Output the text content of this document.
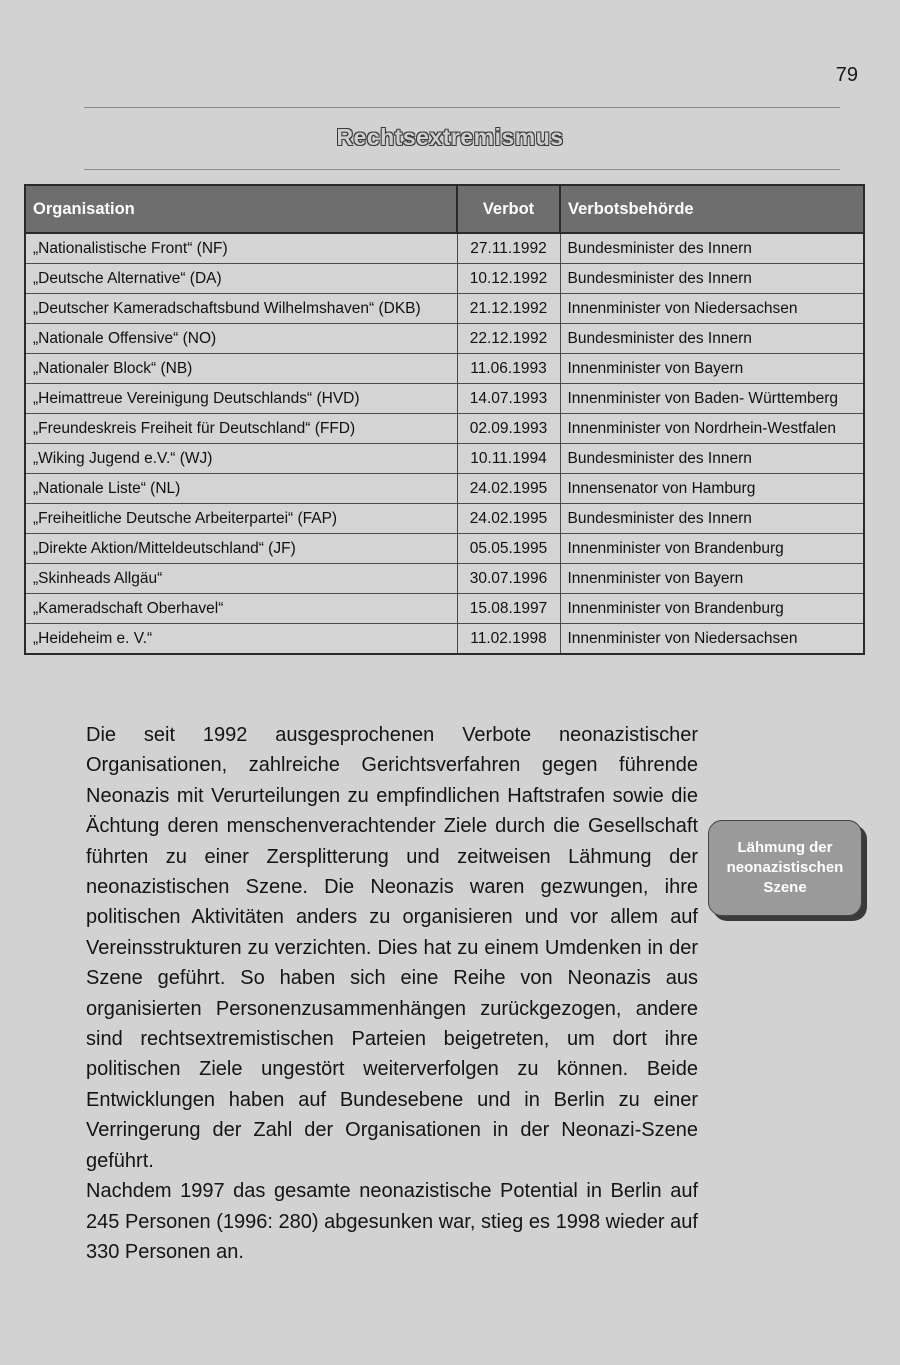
79
Rechtsextremismus
Organisation	Verbot	Verbotsbehörde
„Nationalistische Front“ (NF)	27.11.1992	Bundesminister des Innern
„Deutsche Alternative“ (DA)	10.12.1992	Bundesminister des Innern
„Deutscher Kameradschaftsbund Wilhelmshaven“ (DKB)	21.12.1992	Innenminister von Niedersachsen
„Nationale Offensive“ (NO)	22.12.1992	Bundesminister des Innern
„Nationaler Block“ (NB)	11.06.1993	Innenminister von Bayern
„Heimattreue Vereinigung Deutschlands“ (HVD)	14.07.1993	Innenminister von Baden- Württemberg
„Freundeskreis Freiheit für Deutschland“ (FFD)	02.09.1993	Innenminister von Nordrhein-Westfalen
„Wiking Jugend e.V.“ (WJ)	10.11.1994	Bundesminister des Innern
„Nationale Liste“ (NL)	24.02.1995	Innensenator von Hamburg
„Freiheitliche Deutsche Arbeiterpartei“ (FAP)	24.02.1995	Bundesminister des Innern
„Direkte Aktion/Mitteldeutschland“ (JF)	05.05.1995	Innenminister von Brandenburg
„Skinheads Allgäu“	30.07.1996	Innenminister von Bayern
„Kameradschaft Oberhavel“	15.08.1997	Innenminister von Brandenburg
„Heideheim e. V.“	11.02.1998	Innenminister von Niedersachsen

Die seit 1992 ausgesprochenen Verbote neonazistischer Organisationen, zahlreiche Gerichtsverfahren gegen führende Neonazis mit Verurteilungen zu empfindlichen Haftstrafen sowie die Ächtung deren menschenverachtender Ziele durch die Gesellschaft führten zu einer Zersplitterung und zeitweisen Lähmung der neonazistischen Szene. Die Neonazis waren gezwungen, ihre politischen Aktivitäten anders zu organisieren und vor allem auf Vereinsstrukturen zu verzichten. Dies hat zu einem Umdenken in der Szene geführt. So haben sich eine Reihe von Neonazis aus organisierten Personenzusammenhängen zurückgezogen, andere sind rechtsextremistischen Parteien beigetreten, um dort ihre politischen Ziele ungestört weiterverfolgen zu können. Beide Entwicklungen haben auf Bundesebene und in Berlin zu einer Verringerung der Zahl der Organisationen in der Neonazi-Szene geführt.

Nachdem 1997 das gesamte neonazistische Potential in Berlin auf 245 Personen (1996: 280) abgesunken war, stieg es 1998 wieder auf 330 Personen an.

Lähmung der neonazistischen Szene
